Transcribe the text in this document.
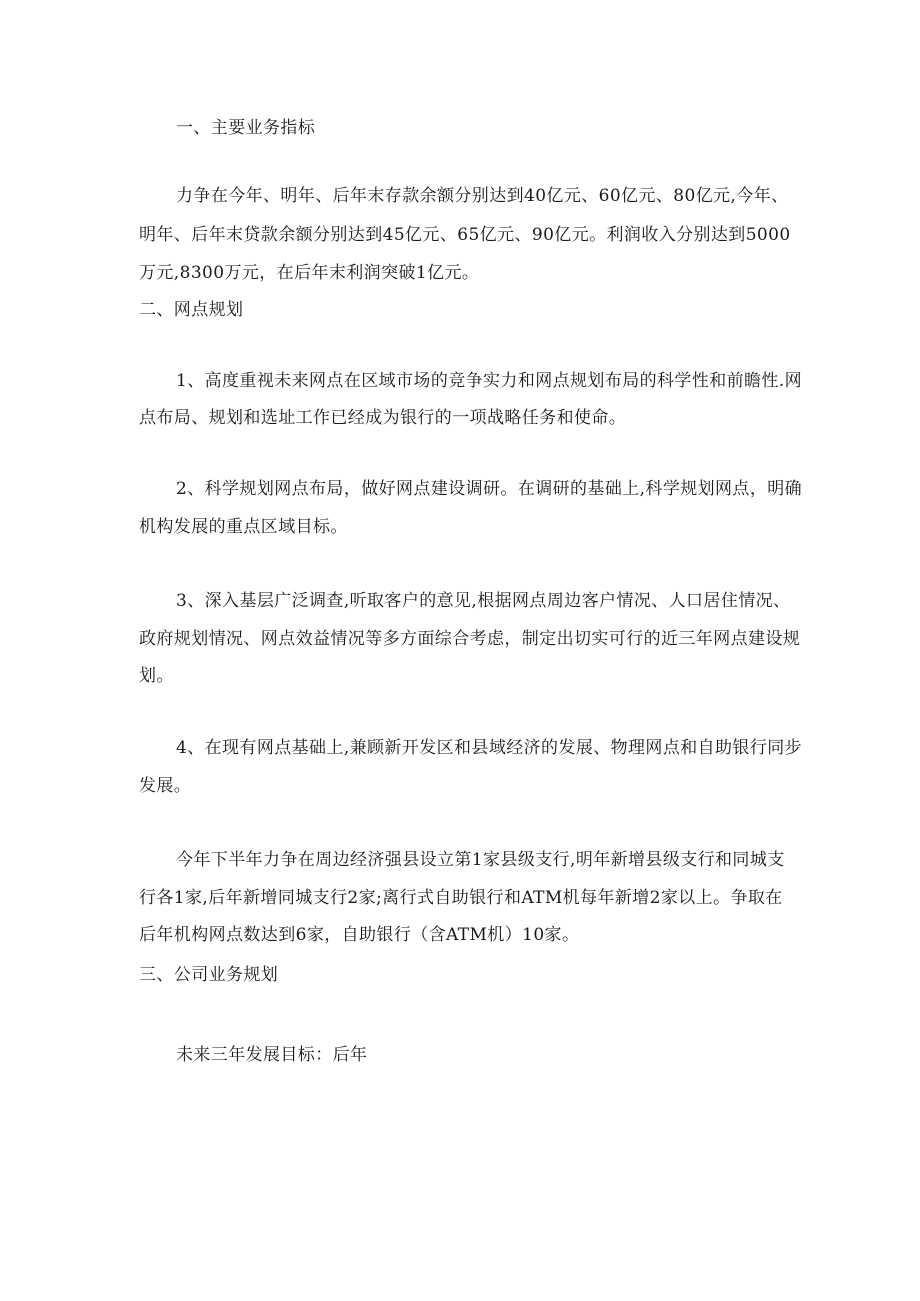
一、主要业务指标
力争在今年、明年、后年末存款余额分别达到40亿元、60亿元、80亿元,今年、
明年、后年末贷款余额分别达到45亿元、65亿元、90亿元。利润收入分别达到5000
万元,8300万元，在后年末利润突破1亿元。
二、网点规划
1、高度重视未来网点在区域市场的竞争实力和网点规划布局的科学性和前瞻性.网
点布局、规划和选址工作已经成为银行的一项战略任务和使命。
2、科学规划网点布局，做好网点建设调研。在调研的基础上,科学规划网点，明确
机构发展的重点区域目标。
3、深入基层广泛调查,听取客户的意见,根据网点周边客户情况、人口居住情况、
政府规划情况、网点效益情况等多方面综合考虑，制定出切实可行的近三年网点建设规
划。
4、在现有网点基础上,兼顾新开发区和县域经济的发展、物理网点和自助银行同步
发展。
今年下半年力争在周边经济强县设立第1家县级支行,明年新增县级支行和同城支
行各1家,后年新增同城支行2家;离行式自助银行和ATM机每年新增2家以上。争取在
后年机构网点数达到6家，自助银行（含ATM机）10家。
三、公司业务规划
未来三年发展目标：后年
